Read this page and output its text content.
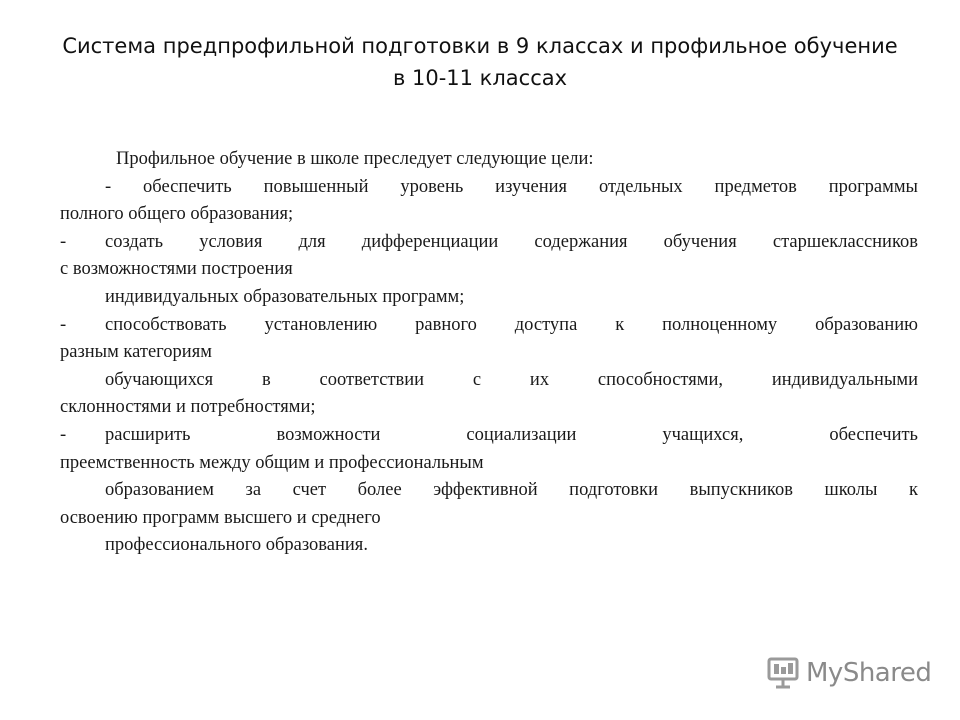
Система предпрофильной подготовки в 9 классах и профильное обучение
в 10-11 классах
Профильное обучение в школе преследует следующие цели:
- обеспечить повышенный уровень изучения отдельных предметов программы
полного общего образования;
-	создать условия для дифференциации содержания обучения старшеклассников
с возможностями построения
индивидуальных образовательных программ;
-	способствовать установлению равного доступа к полноценному образованию
разным категориям
обучающихся в соответствии с их способностями, индивидуальными
склонностями и потребностями;
-	расширить возможности социализации учащихся, обеспечить
преемственность между общим и профессиональным
образованием за счет более эффективной подготовки выпускников школы к
освоению программ высшего и среднего
профессионального образования.
MyShared
